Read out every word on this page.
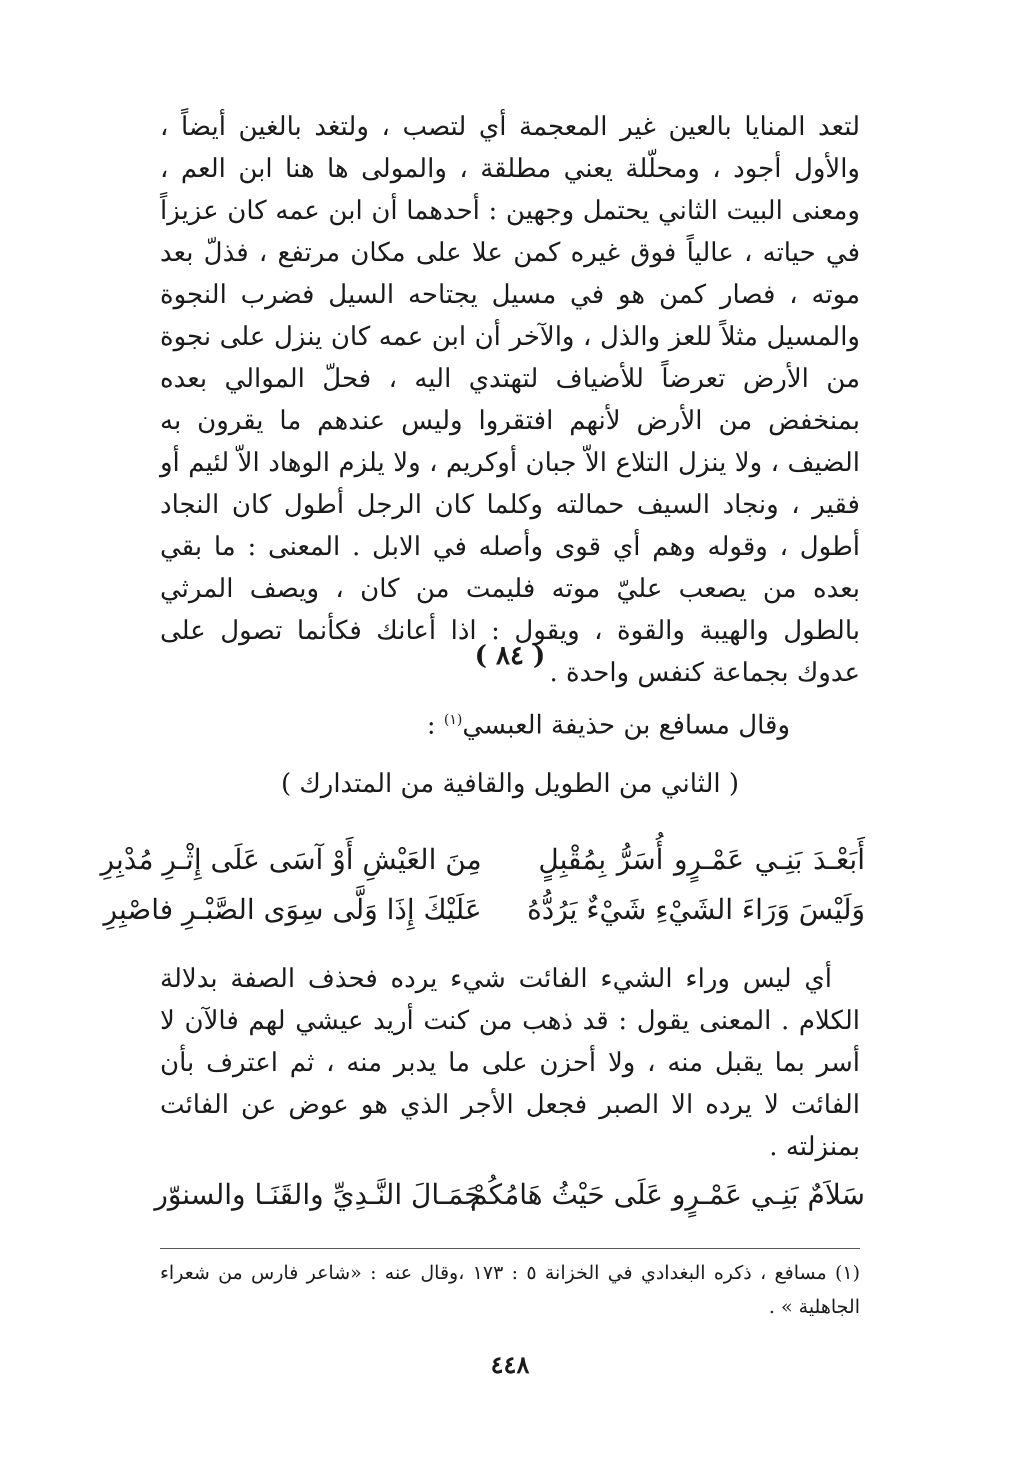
لتعد المنايا بالعين غير المعجمة أي لتصب ، ولتغد بالغين أيضاً ، والأول أجود ، ومحلّلة يعني مطلقة ، والمولى ها هنا ابن العم ، ومعنى البيت الثاني يحتمل وجهين : أحدهما أن ابن عمه كان عزيزاً في حياته ، عالياً فوق غيره كمن علا على مكان مرتفع ، فذلّ بعد موته ، فصار كمن هو في مسيل يجتاحه السيل فضرب النجوة والمسيل مثلاً للعز والذل ، والآخر أن ابن عمه كان ينزل على نجوة من الأرض تعرضاً للأضياف لتهتدي اليه ، فحلّ الموالي بعده بمنخفض من الأرض لأنهم افتقروا وليس عندهم ما يقرون به الضيف ، ولا ينزل التلاع الاّ جبان أوكريم ، ولا يلزم الوهاد الاّ لئيم أو فقير ، ونجاد السيف حمالته وكلما كان الرجل أطول كان النجاد أطول ، وقوله وهم أي قوى وأصله في الابل . المعنى : ما بقي بعده من يصعب عليّ موته فليمت من كان ، ويصف المرثي بالطول والهيبة والقوة ، ويقول : اذا أعانك فكأنما تصول على عدوك بجماعة كنفس واحدة .

( ٨٤ )
وقال مسافع بن حذيفة العبسي$^{(١)}$ :
( الثاني من الطويل والقافية من المتدارك )
أَبَعْـدَ بَنِـي عَمْـرٍو أُسَرُّ بِمُقْبِلٍ
مِنَ العَيْشِ أَوْ آسَى عَلَى إِثْـرِ مُدْبِرِ
وَلَيْسَ وَرَاءَ الشَيْءِ شَيْءٌ يَرُدُّهُ
عَلَيْكَ إِذَا وَلَّى سِوَى الصَّبْـرِ فاصْبِرِ

أي ليس وراء الشيء الفائت شيء يرده فحذف الصفة بدلالة الكلام . المعنى يقول : قد ذهب من كنت أريد عيشي لهم فالآن لا أسر بما يقبل منه ، ولا أحزن على ما يدبر منه ، ثم اعترف بأن الفائت لا يرده الا الصبر فجعل الأجر الذي هو عوض عن الفائت بمنزلته .

سَلاَمٌ بَنِـي عَمْـرٍو عَلَى حَيْثُ هَامُكُمْ
جَمَـالَ النَّـدِيِّ والقَنَـا والسنوّر
(١) مسافع ، ذكره البغدادي في الخزانة ٥ : ١٧٣ ،وقال عنه : «شاعر فارس من شعراء الجاهلية » .
٤٤٨
